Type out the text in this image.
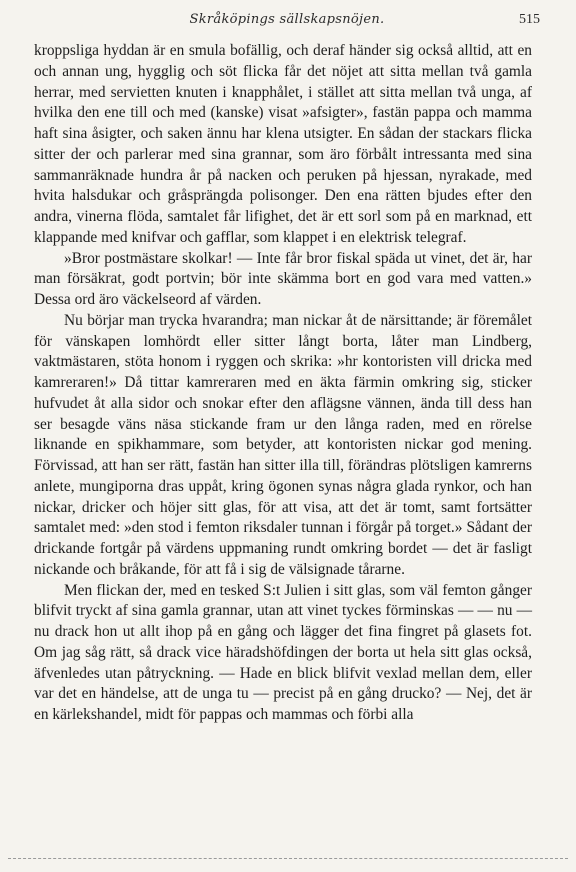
Skråköpings sällskapsnöjen.	515

kroppsliga hyddan är en smula bofällig, och deraf händer sig också alltid, att en och annan ung, hygglig och söt flicka får det nöjet att sitta mellan två gamla herrar, med servietten knuten i knapphålet, i stället att sitta mellan två unga, af hvilka den ene till och med (kanske) visat »afsigter», fastän pappa och mamma haft sina åsigter, och saken ännu har klena utsigter. En sådan der stackars flicka sitter der och parlerar med sina grannar, som äro förbålt intressanta med sina sammanräknade hundra år på nacken och peruken på hjessan, nyrakade, med hvita halsdukar och gråsprängda polisonger. Den ena rätten bjudes efter den andra, vinerna flöda, samtalet får lifighet, det är ett sorl som på en marknad, ett klappande med knifvar och gafflar, som klappet i en elektrisk telegraf.

»Bror postmästare skolkar! — Inte får bror fiskal späda ut vinet, det är, har man försäkrat, godt portvin; bör inte skämma bort en god vara med vatten.» Dessa ord äro väckelseord af värden.

Nu börjar man trycka hvarandra; man nickar åt de närsittande; är föremålet för vänskapen lomhördt eller sitter långt borta, låter man Lindberg, vaktmästaren, stöta honom i ryggen och skrika: »hr kontoristen vill dricka med kamreraren!» Då tittar kamreraren med en äkta färmin omkring sig, sticker hufvudet åt alla sidor och snokar efter den aflägsne vännen, ända till dess han ser besagde väns näsa stickande fram ur den långa raden, med en rörelse liknande en spikhammare, som betyder, att kontoristen nickar god mening. Förvissad, att han ser rätt, fastän han sitter illa till, förändras plötsligen kamrerns anlete, mungiporna dras uppåt, kring ögonen synas några glada rynkor, och han nickar, dricker och höjer sitt glas, för att visa, att det är tomt, samt fortsätter samtalet med: »den stod i femton riksdaler tunnan i förgår på torget.» Sådant der drickande fortgår på värdens uppmaning rundt omkring bordet — det är fasligt nickande och bråkande, för att få i sig de välsignade tårarne.

Men flickan der, med en tesked S:t Julien i sitt glas, som väl femton gånger blifvit tryckt af sina gamla grannar, utan att vinet tyckes förminskas — — nu — nu drack hon ut allt ihop på en gång och lägger det fina fingret på glasets fot. Om jag såg rätt, så drack vice häradshöfdingen der borta ut hela sitt glas också, äfvenledes utan påtryckning. — Hade en blick blifvit vexlad mellan dem, eller var det en händelse, att de unga tu — precist på en gång drucko? — Nej, det är en kärlekshandel, midt för pappas och mammas och förbi alla
